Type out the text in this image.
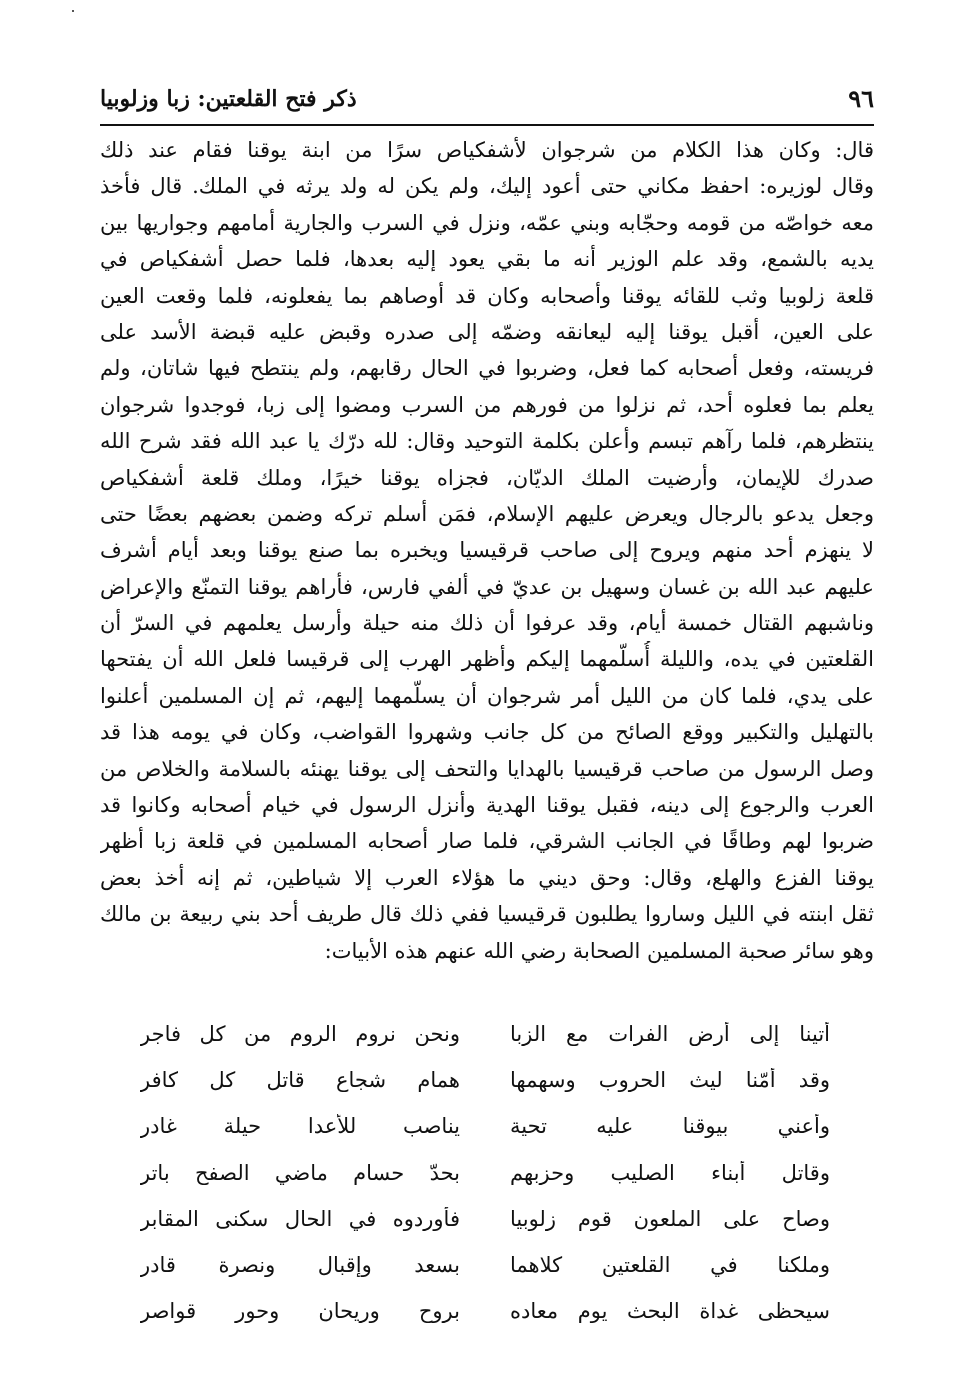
٩٦
ذكر فتح القلعتين: زبا وزلوبيا
قال: وكان هذا الكلام من شرجوان لأشفكياص سرًا من ابنة يوقنا فقام عند ذلك
وقال لوزيره: احفظ مكاني حتى أعود إليك، ولم يكن له ولد يرثه في الملك. قال فأخذ
معه خواصّه من قومه وحجّابه وبني عمّه، ونزل في السرب والجارية أمامهم وجواريها بين
يديه بالشمع، وقد علم الوزير أنه ما بقي يعود إليه بعدها، فلما حصل أشفكياص في
قلعة زلوبيا وثب للقائه يوقنا وأصحابه وكان قد أوصاهم بما يفعلونه، فلما وقعت العين
على العين، أقبل يوقنا إليه ليعانقه وضمّه إلى صدره وقبض عليه قبضة الأسد على
فريسته، وفعل أصحابه كما فعل، وضربوا في الحال رقابهم، ولم ينتطح فيها شاتان، ولم
يعلم بما فعلوه أحد، ثم نزلوا من فورهم من السرب ومضوا إلى زبا، فوجدوا شرجوان
ينتظرهم، فلما رآهم تبسم وأعلن بكلمة التوحيد وقال: لله درّك يا عبد الله فقد شرح الله
صدرك للإيمان، وأرضيت الملك الديّان، فجزاه يوقنا خيرًا، وملك قلعة أشفكياص
وجعل يدعو بالرجال ويعرض عليهم الإسلام، فمَن أسلم تركه وضمن بعضهم بعضًا حتى
لا ينهزم أحد منهم ويروح إلى صاحب قرقيسيا ويخبره بما صنع يوقنا وبعد أيام أشرف
عليهم عبد الله بن غسان وسهيل بن عديّ في ألفي فارس، فأراهم يوقنا التمنّع والإعراض
وناشبهم القتال خمسة أيام، وقد عرفوا أن ذلك منه حيلة وأرسل يعلمهم في السرّ أن
القلعتين في يده، والليلة أُسلّمهما إليكم وأظهر الهرب إلى قرقيسا فلعل الله أن يفتحها
على يدي، فلما كان من الليل أمر شرجوان أن يسلّمهما إليهم، ثم إن المسلمين أعلنوا
بالتهليل والتكبير ووقع الصائح من كل جانب وشهروا القواضب، وكان في يومه هذا قد
وصل الرسول من صاحب قرقيسيا بالهدايا والتحف إلى يوقنا يهنئه بالسلامة والخلاص من
العرب والرجوع إلى دينه، فقبل يوقنا الهدية وأنزل الرسول في خيام أصحابه وكانوا قد
ضربوا لهم وطاقًا في الجانب الشرقي، فلما صار أصحابه المسلمين في قلعة زبا أظهر
يوقنا الفزع والهلع، وقال: وحق ديني ما هؤلاء العرب إلا شياطين، ثم إنه أخذ بعض
ثقل ابنته في الليل وساروا يطلبون قرقيسيا ففي ذلك قال طريف أحد بني ربيعة بن مالك
وهو سائر صحبة المسلمين الصحابة رضي الله عنهم هذه الأبيات:
أتينا إلى أرض الفرات مع الزبا
ونحن نروم الروم من كل فاجرِ
وقد أمّنا ليث الحروب وسهمها
همام شجاع قاتل كل كافر
وأعني بيوقنا عليه تحية
يناصب للأعدا حيلة غادر
وقاتل أبناء الصليب وحزبهم
بحدّ حسام ماضي الصفح باتر
وصاح على الملعون قوم زلوبيا
فأوردوه في الحال سكنى المقابر
وملكنا في القلعتين كلاهما
بسعد وإقبال ونصرة قادر
سيحظى غداة البحث يوم معاده
بروح وريحان وحور قواصر
